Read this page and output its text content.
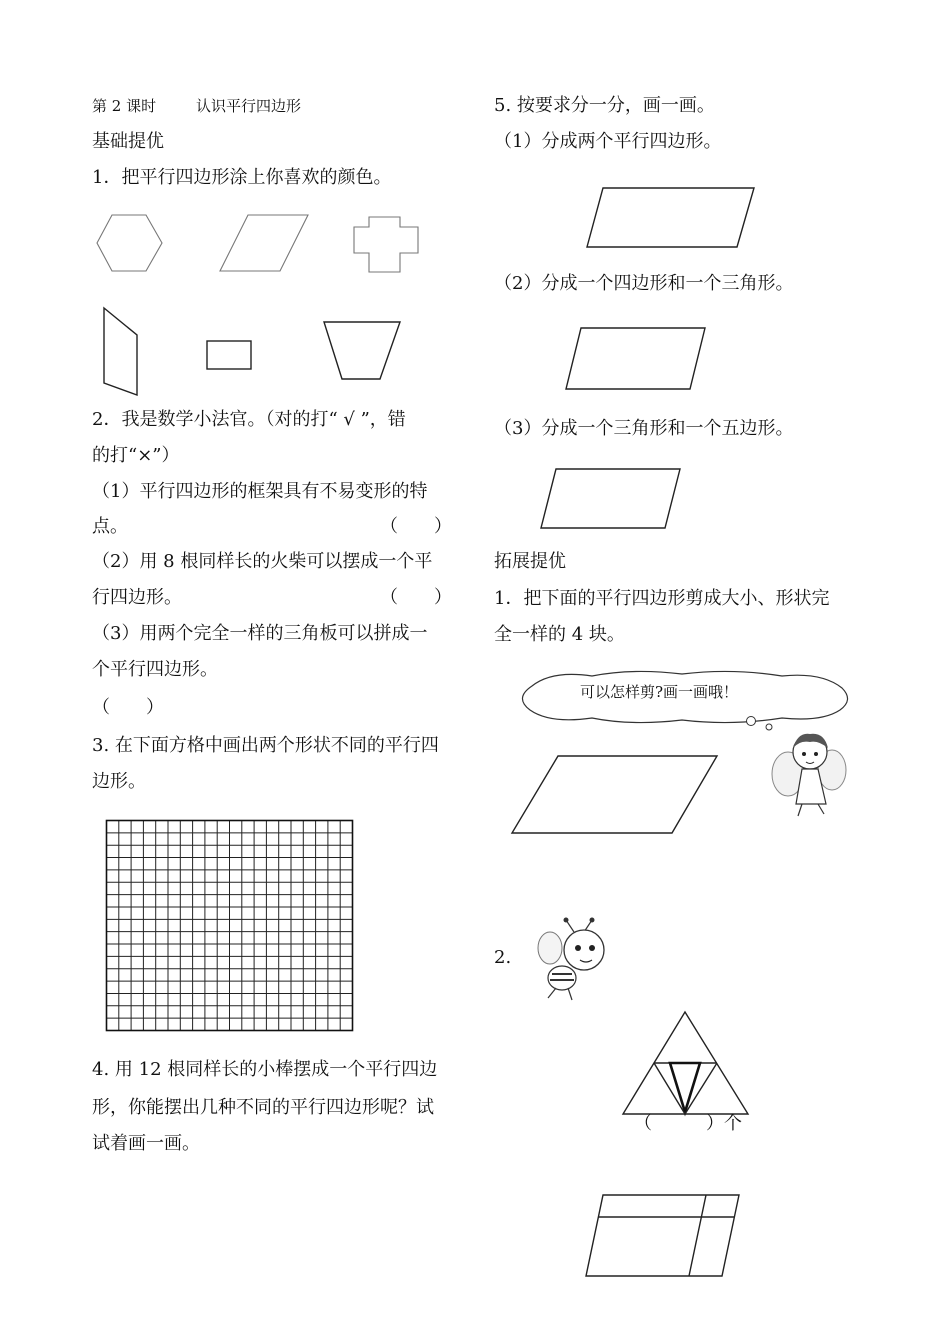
第 2 课时	认识平行四边形
基础提优
1．把平行四边形涂上你喜欢的颜色。
2．我是数学小法官。（对的打“ √ ”，错
的打“×”）
（1）平行四边形的框架具有不易变形的特
点。	（　　）
（2）用 8 根同样长的火柴可以摆成一个平
行四边形。	（　　）
（3）用两个完全一样的三角板可以拼成一
个平行四边形。
（　　）
3. 在下面方格中画出两个形状不同的平行四
边形。
4. 用 12 根同样长的小棒摆成一个平行四边
形，你能摆出几种不同的平行四边形呢？试
试着画一画。
5. 按要求分一分，画一画。
（1）分成两个平行四边形。
（2）分成一个四边形和一个三角形。
（3）分成一个三角形和一个五边形。
拓展提优
1．把下面的平行四边形剪成大小、形状完
全一样的 4 块。
可以怎样剪?画一画哦！
2.
（　　　）个
